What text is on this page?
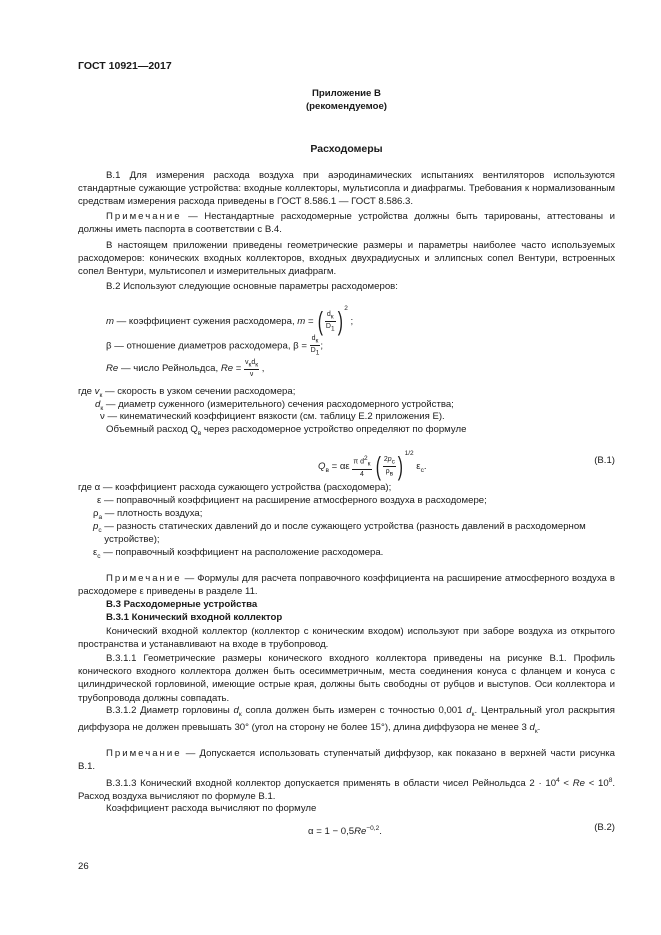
ГОСТ 10921—2017
Приложение В
(рекомендуемое)
Расходомеры

В.1 Для измерения расхода воздуха при аэродинамических испытаниях вентиляторов используются стандартные сужающие устройства: входные коллекторы, мультисопла и диафрагмы. Требования к нормализованным средствам измерения расхода приведены в ГОСТ 8.586.1 — ГОСТ 8.586.3.

Примечание — Нестандартные расходомерные устройства должны быть тарированы, аттестованы и должны иметь паспорта в соответствии с В.4.

В настоящем приложении приведены геометрические размеры и параметры наиболее часто используемых расходомеров: конических входных коллекторов, входных двухрадиусных и эллипсных сопел Вентури, встроенных сопел Вентури, мультисопел и измерительных диафрагм.

В.2 Используют следующие основные параметры расходомеров:

m — коэффициент сужения расходомера, m = ( $\frac{d_к}{D_1}$ ) $^2$ ;
β — отношение диаметров расходомера, $\beta = \frac{d_к}{D_1}$ ;
Re — число Рейнольдса, $Re = \frac{v_кd_к}{\nu}$ ,
где $v_к$ — скорость в узком сечении расходомера;
$d_к$ — диаметр суженного (измерительного) сечения расходомерного устройства;
ν — кинематический коэффициент вязкости (см. таблицу Е.2 приложения Е).
Объемный расход $Q_в$ через расходомерное устройство определяют по формуле
$Q_в = \alpha\varepsilon \frac{\pi d^2_к}{4}$ ( $\frac{2p_c}{\rho_в}$ ) $^{1/2}$ $\varepsilon_c$.
(В.1)
где α — коэффициент расхода сужающего устройства (расходомера);
ε — поправочный коэффициент на расширение атмосферного воздуха в расходомере;
$\rho_а$ — плотность воздуха;
$p_c$ — разность статических давлений до и после сужающего устройства (разность давлений в расходомерном устройстве);
$\varepsilon_c$ — поправочный коэффициент на расположение расходомера.

Примечание — Формулы для расчета поправочного коэффициента на расширение атмосферного воздуха в расходомере ε приведены в разделе 11.

В.3 Расходомерные устройства
В.3.1 Конический входной коллектор

Конический входной коллектор (коллектор с коническим входом) используют при заборе воздуха из открытого пространства и устанавливают на входе в трубопровод.

В.3.1.1 Геометрические размеры конического входного коллектора приведены на рисунке В.1. Профиль конического входного коллектора должен быть осесимметричным, места соединения конуса с фланцем и конуса с цилиндрической горловиной, имеющие острые края, должны быть свободны от рубцов и выступов. Оси коллектора и трубопровода должны совпадать.

В.3.1.2 Диаметр горловины $d_к$ сопла должен быть измерен с точностью 0,001 $d_к$. Центральный угол раскрытия диффузора не должен превышать 30° (угол на сторону не более 15°), длина диффузора не менее 3 $d_к$.

Примечание — Допускается использовать ступенчатый диффузор, как показано в верхней части рисунка В.1.

В.3.1.3 Конический входной коллектор допускается применять в области чисел Рейнольдса $2 \cdot 10^4 < Re < 10^8$. Расход воздуха вычисляют по формуле В.1.

Коэффициент расхода вычисляют по формуле

$\alpha = 1 - 0,5Re^{-0,2}$.	(В.2)
26
